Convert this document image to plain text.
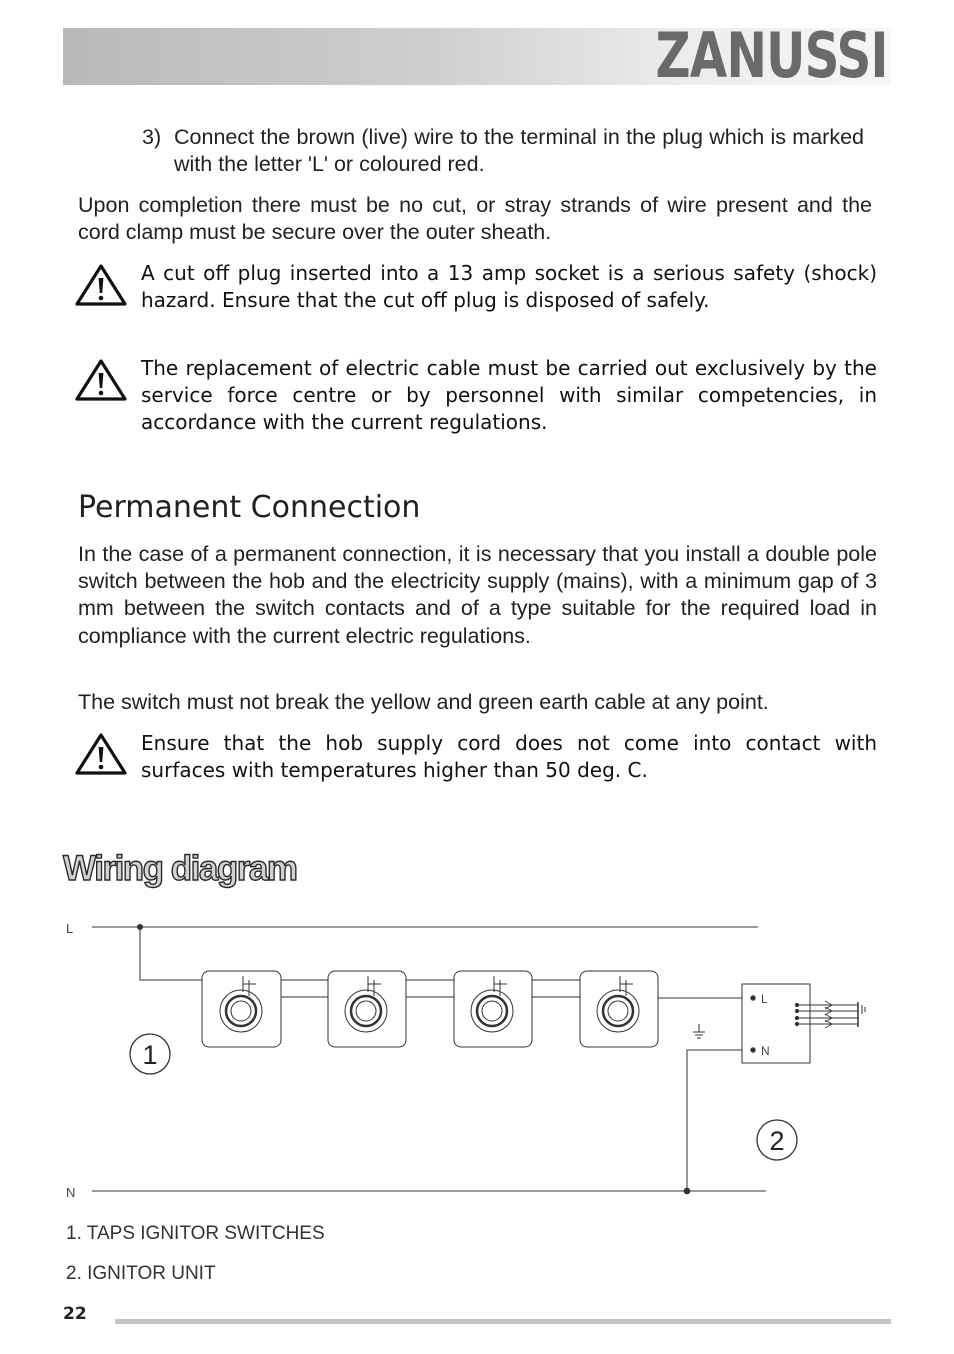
ZANUSSI
3) Connect the brown (live) wire to the terminal in the plug which is marked with the letter 'L' or coloured red.
Upon completion there must be no cut, or stray strands of wire present and the cord clamp must be secure over the outer sheath.
A cut off plug inserted into a 13 amp socket is a serious safety (shock) hazard. Ensure that the cut off plug is disposed of safely.
The replacement of electric cable must be carried out exclusively by the service force centre or by personnel with similar competencies, in accordance with the current regulations.
Permanent Connection
In the case of a permanent connection, it is necessary that you install a double pole switch between the hob and the electricity supply (mains), with a minimum gap of 3 mm between the switch contacts and of a type suitable for the required load in compliance with the current electric regulations.
The switch must not break the yellow and green earth cable at any point.
Ensure that the hob supply cord does not come into contact with surfaces with temperatures higher than 50 deg. C.
Wiring diagram
L
N
L
N
1
2
1. TAPS IGNITOR SWITCHES
2. IGNITOR UNIT
22
